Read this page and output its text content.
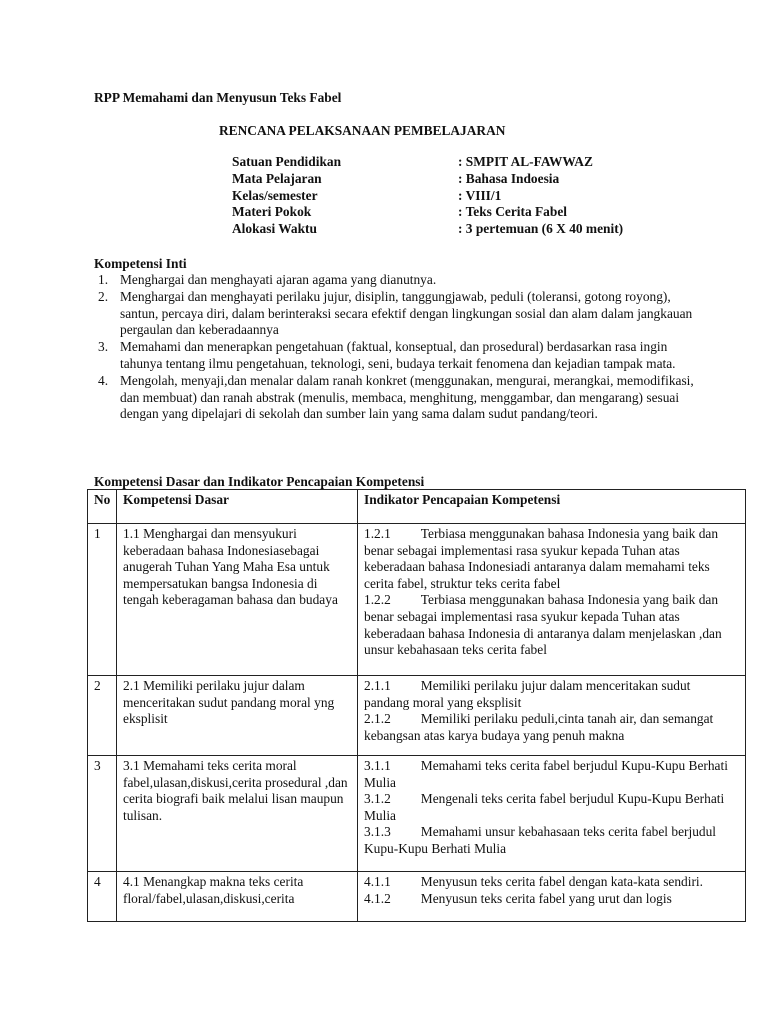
RPP Memahami dan Menyusun Teks Fabel
RENCANA PELAKSANAAN PEMBELAJARAN
Satuan Pendidikan	: SMPIT AL-FAWWAZ
Mata Pelajaran	: Bahasa Indoesia
Kelas/semester	: VIII/1
Materi Pokok	: Teks Cerita Fabel
Alokasi Waktu	: 3 pertemuan (6 X 40 menit)
Kompetensi Inti
1. Menghargai dan menghayati ajaran agama yang dianutnya.
2. Menghargai dan menghayati perilaku jujur, disiplin, tanggungjawab, peduli (toleransi, gotong royong), santun, percaya diri, dalam berinteraksi secara efektif dengan lingkungan sosial dan alam dalam jangkauan pergaulan dan keberadaannya
3. Memahami dan menerapkan pengetahuan (faktual, konseptual, dan prosedural) berdasarkan rasa ingin tahunya tentang ilmu pengetahuan, teknologi, seni, budaya terkait fenomena dan kejadian tampak mata.
4. Mengolah, menyaji,dan menalar dalam ranah konkret (menggunakan, mengurai, merangkai, memodifikasi, dan membuat) dan ranah abstrak (menulis, membaca, menghitung, menggambar, dan mengarang) sesuai dengan yang dipelajari di sekolah dan sumber lain yang sama dalam sudut pandang/teori.
Kompetensi Dasar dan Indikator Pencapaian Kompetensi
No	Kompetensi Dasar	Indikator Pencapaian Kompetensi
1	1.1 Menghargai dan mensyukuri keberadaan bahasa Indonesiasebagai anugerah Tuhan Yang Maha Esa untuk mempersatukan bangsa Indonesia di tengah keberagaman bahasa dan budaya	1.2.1 Terbiasa menggunakan bahasa Indonesia yang baik dan benar sebagai implementasi rasa syukur kepada Tuhan atas keberadaan bahasa Indonesiadi antaranya dalam memahami teks cerita fabel, struktur teks cerita fabel
1.2.2 Terbiasa menggunakan bahasa Indonesia yang baik dan benar sebagai implementasi rasa syukur kepada Tuhan atas keberadaan bahasa Indonesia di antaranya dalam menjelaskan ,dan unsur kebahasaan teks cerita fabel

2	2.1 Memiliki perilaku jujur dalam menceritakan sudut pandang moral yng eksplisit	2.1.1 Memiliki perilaku jujur dalam menceritakan sudut pandang moral yang eksplisit
2.1.2 Memiliki perilaku peduli,cinta tanah air, dan semangat kebangsan atas karya budaya yang penuh makna

3	3.1 Memahami teks cerita moral fabel,ulasan,diskusi,cerita prosedural ,dan cerita biografi baik melalui lisan maupun tulisan.	3.1.1 Memahami teks cerita fabel berjudul Kupu-Kupu Berhati Mulia
3.1.2 Mengenali teks cerita fabel berjudul Kupu-Kupu Berhati Mulia
3.1.3 Memahami unsur kebahasaan teks cerita fabel berjudul Kupu-Kupu Berhati Mulia

4	4.1 Menangkap makna teks cerita floral/fabel,ulasan,diskusi,cerita	4.1.1 Menyusun teks cerita fabel dengan kata-kata sendiri.
4.1.2 Menyusun teks cerita fabel yang urut dan logis
